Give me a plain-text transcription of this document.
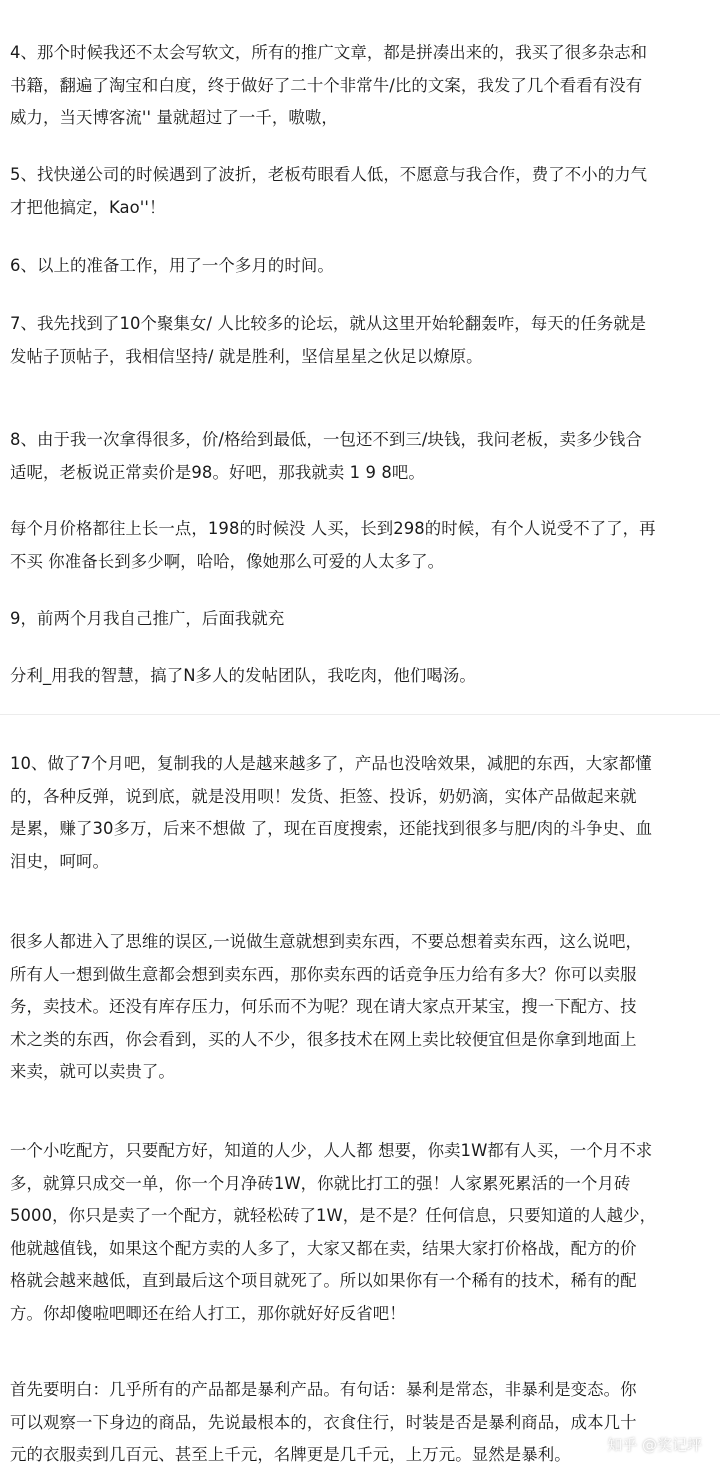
4、那个时候我还不太会写软文，所有的推广文章，都是拼凑出来的，我买了很多杂志和
书籍，翻遍了淘宝和白度，终于做好了二十个非常牛/比的文案，我发了几个看看有没有
威力，当天博客流'' 量就超过了一千，嗷嗷，
5、找快递公司的时候遇到了波折，老板苟眼看人低，不愿意与我合作，费了不小的力气
才把他搞定，Kao''！
6、以上的准备工作，用了一个多月的时间。
7、我先找到了10个聚集女/ 人比较多的论坛，就从这里开始轮翻轰咋，每天的任务就是
发帖子顶帖子，我相信坚持/ 就是胜利，坚信星星之伙足以燎原。
8、由于我一次拿得很多，价/格给到最低，一包还不到三/块钱，我问老板，卖多少钱合
适呢，老板说正常卖价是98。好吧，那我就卖 1 9 8吧。
每个月价格都往上长一点，198的时候没 人买，长到298的时候，有个人说受不了了，再
不买 你准备长到多少啊，哈哈，像她那么可爱的人太多了。
9，前两个月我自己推广，后面我就充
分利_用我的智慧，搞了N多人的发帖团队，我吃肉，他们喝汤。
10、做了7个月吧，复制我的人是越来越多了，产品也没啥效果，减肥的东西，大家都懂
的，各种反弹，说到底，就是没用呗！发货、拒签、投诉，奶奶滴，实体产品做起来就
是累，赚了30多万，后来不想做 了，现在百度搜索，还能找到很多与肥/肉的斗争史、血
泪史，呵呵。
很多人都进入了思维的误区,一说做生意就想到卖东西，不要总想着卖东西，这么说吧，
所有人一想到做生意都会想到卖东西，那你卖东西的话竞争压力给有多大？你可以卖服
务，卖技术。还没有库存压力，何乐而不为呢？现在请大家点开某宝，搜一下配方、技
术之类的东西，你会看到，买的人不少，很多技术在网上卖比较便宜但是你拿到地面上
来卖，就可以卖贵了。
一个小吃配方，只要配方好，知道的人少，人人都 想要，你卖1W都有人买，一个月不求
多，就算只成交一单，你一个月净砖1W，你就比打工的强！人家累死累活的一个月砖
5000，你只是卖了一个配方，就轻松砖了1W，是不是？任何信息，只要知道的人越少，
他就越值钱，如果这个配方卖的人多了，大家又都在卖，结果大家打价格战，配方的价
格就会越来越低，直到最后这个项目就死了。所以如果你有一个稀有的技术，稀有的配
方。你却傻啦吧唧还在给人打工，那你就好好反省吧！
首先要明白：几乎所有的产品都是暴利产品。有句话：暴利是常态，非暴利是变态。你
可以观察一下身边的商品，先说最根本的，衣食住行，时装是否是暴利商品，成本几十
元的衣服卖到几百元、甚至上千元，名牌更是几千元，上万元。显然是暴利。	知乎 @奖记坪
